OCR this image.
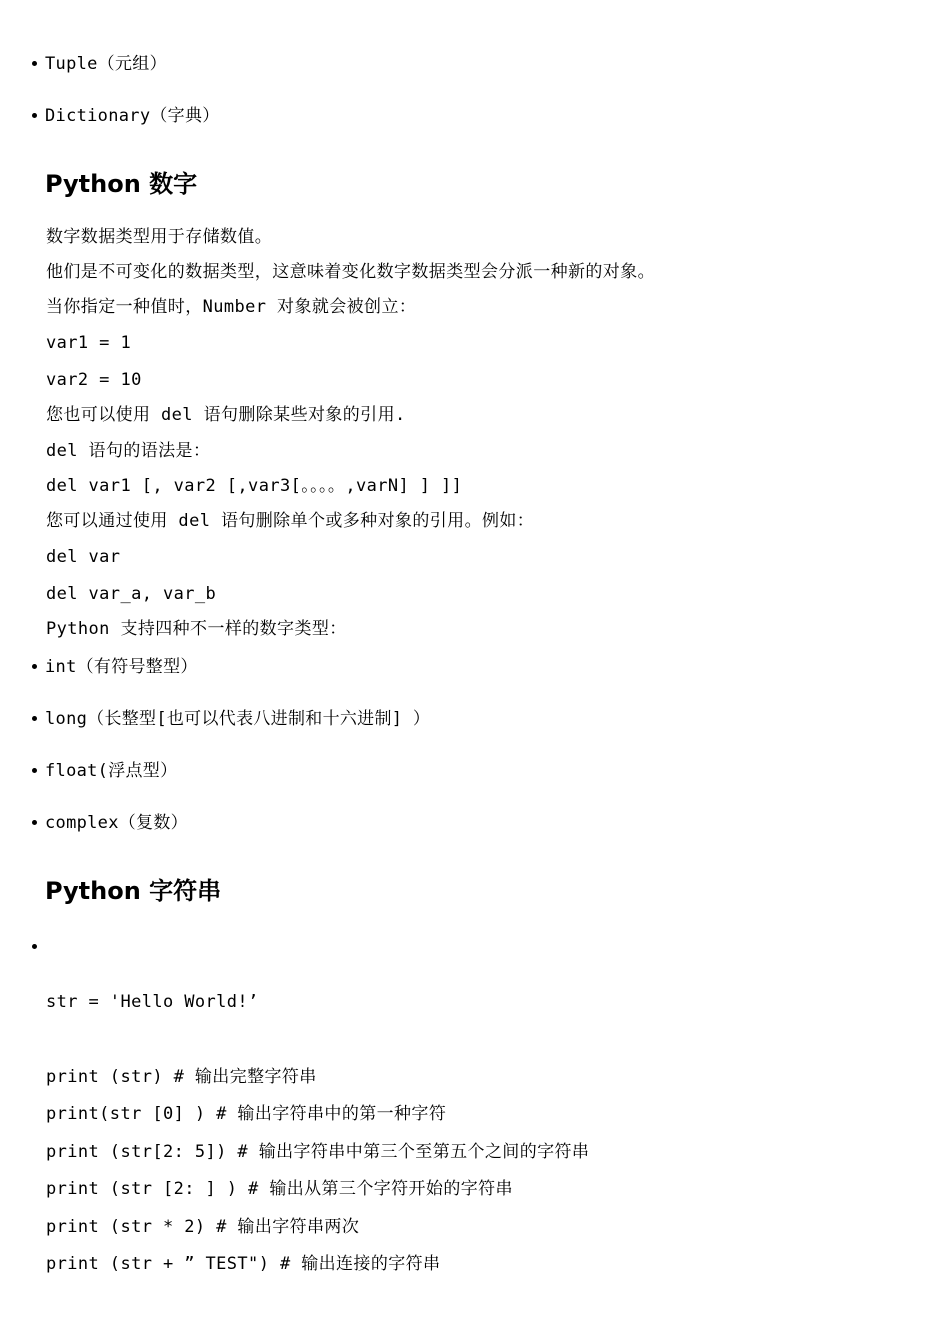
Tuple（元组）
Dictionary（字典）
Python 数字
数字数据类型用于存储数值。
他们是不可变化的数据类型，这意味着变化数字数据类型会分派一种新的对象。
当你指定一种值时，Number 对象就会被创立：
var1 = 1
var2 = 10
您也可以使用 del 语句删除某些对象的引用.
del 语句的语法是：
del var1 [, var2 [,var3[。。。。,varN] ] ]]
您可以通过使用 del 语句删除单个或多种对象的引用。例如：
del var
del var_a, var_b
Python 支持四种不一样的数字类型：
int（有符号整型）
long（长整型[也可以代表八进制和十六进制] ）
float(浮点型）
complex（复数）
Python 字符串
str = 'Hello World!’
print (str) # 输出完整字符串
print(str [0] ) # 输出字符串中的第一种字符
print (str[2: 5]) # 输出字符串中第三个至第五个之间的字符串
print (str [2: ] ) # 输出从第三个字符开始的字符串
print (str * 2) # 输出字符串两次
print (str + ” TEST") # 输出连接的字符串
